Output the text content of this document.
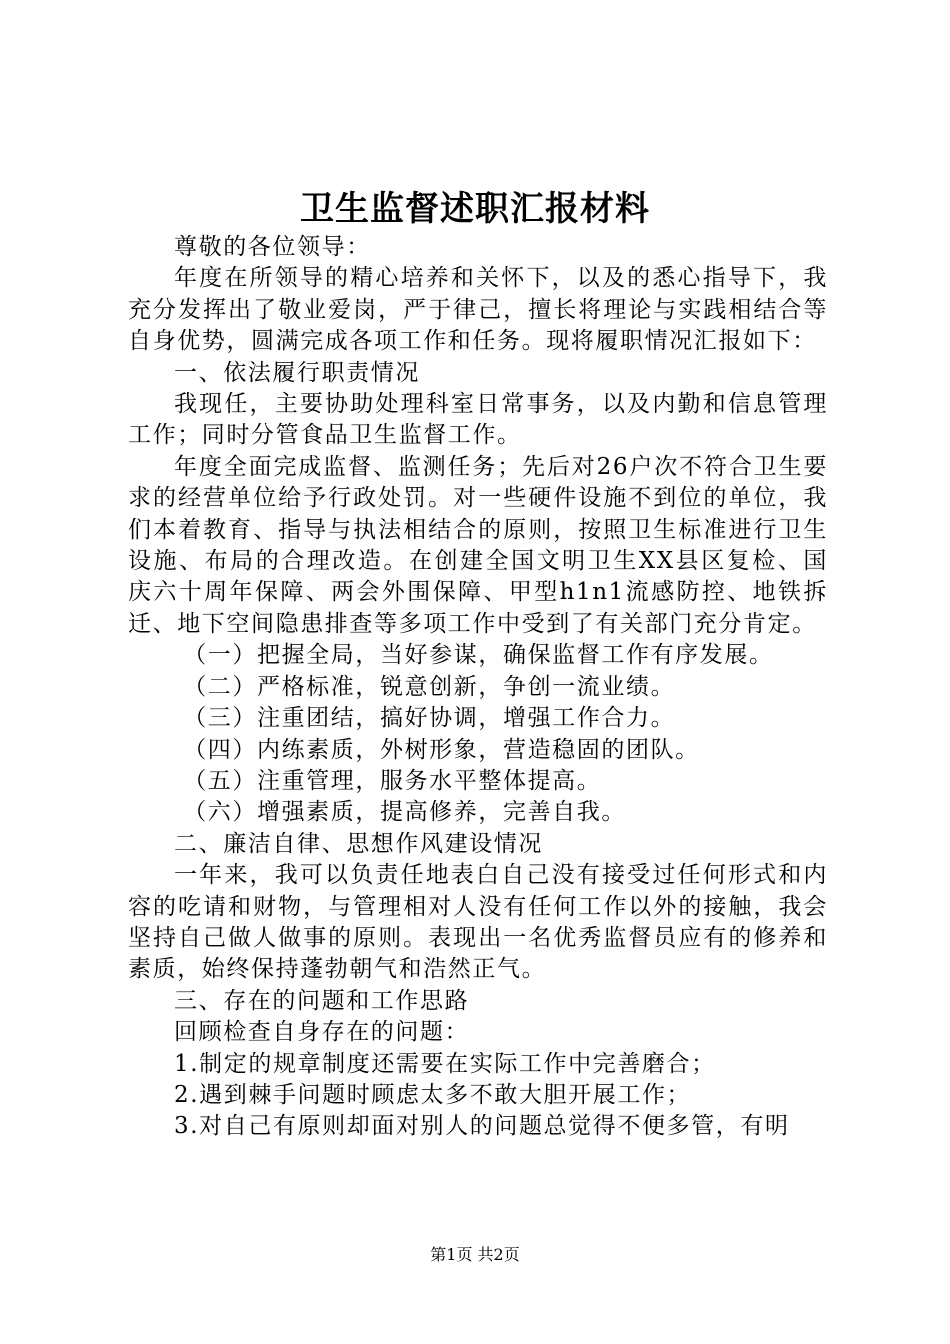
卫生监督述职汇报材料

尊敬的各位领导：

年度在所领导的精心培养和关怀下，以及的悉心指导下，我充分发挥出了敬业爱岗，严于律己，擅长将理论与实践相结合等自身优势，圆满完成各项工作和任务。现将履职情况汇报如下：

一、依法履行职责情况

我现任，主要协助处理科室日常事务，以及内勤和信息管理工作；同时分管食品卫生监督工作。

年度全面完成监督、监测任务；先后对26户次不符合卫生要求的经营单位给予行政处罚。对一些硬件设施不到位的单位，我们本着教育、指导与执法相结合的原则，按照卫生标准进行卫生设施、布局的合理改造。在创建全国文明卫生XX县区复检、国庆六十周年保障、两会外围保障、甲型h1n1流感防控、地铁拆迁、地下空间隐患排查等多项工作中受到了有关部门充分肯定。

（一）把握全局，当好参谋，确保监督工作有序发展。

（二）严格标准，锐意创新，争创一流业绩。

（三）注重团结，搞好协调，增强工作合力。

（四）内练素质，外树形象，营造稳固的团队。

（五）注重管理，服务水平整体提高。

（六）增强素质，提高修养，完善自我。

二、廉洁自律、思想作风建设情况

一年来，我可以负责任地表白自己没有接受过任何形式和内容的吃请和财物，与管理相对人没有任何工作以外的接触，我会坚持自己做人做事的原则。表现出一名优秀监督员应有的修养和素质，始终保持蓬勃朝气和浩然正气。

三、存在的问题和工作思路

回顾检查自身存在的问题：

1.制定的规章制度还需要在实际工作中完善磨合；

2.遇到棘手问题时顾虑太多不敢大胆开展工作；

3.对自己有原则却面对别人的问题总觉得不便多管，有明

第1页 共2页
